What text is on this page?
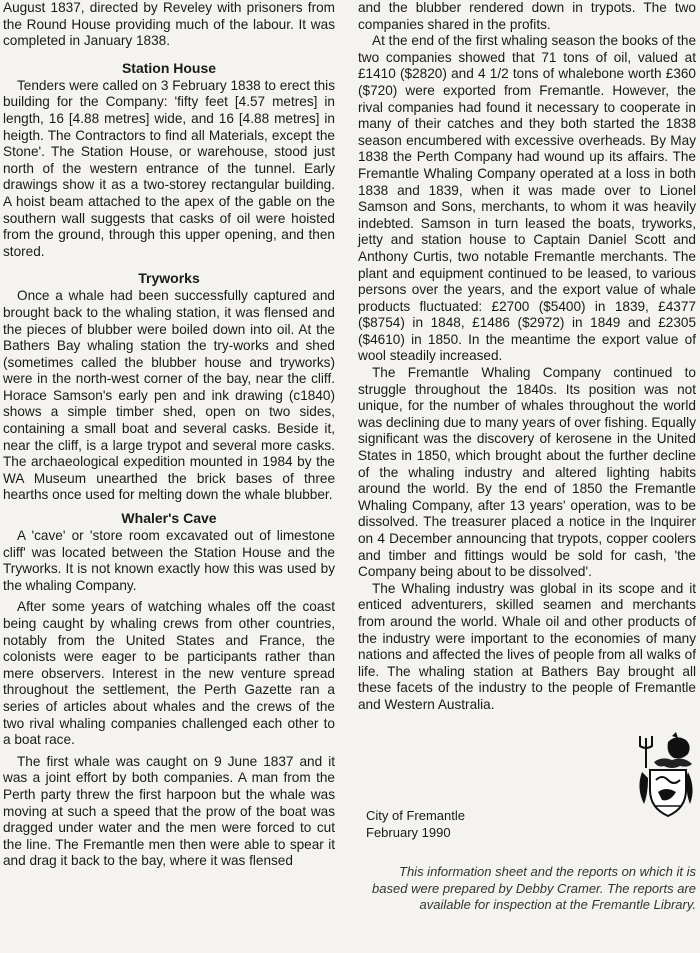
August 1837, directed by Reveley with prisoners from the Round House providing much of the labour. It was completed in January 1838.

Station House

Tenders were called on 3 February 1838 to erect this building for the Company: 'fifty feet [4.57 metres] in length, 16 [4.88 metres] wide, and 16 [4.88 metres] in heigth. The Contractors to find all Materials, except the Stone'. The Station House, or warehouse, stood just north of the western entrance of the tunnel. Early drawings show it as a two-storey rectangular building. A hoist beam attached to the apex of the gable on the southern wall suggests that casks of oil were hoisted from the ground, through this upper opening, and then stored.

Tryworks

Once a whale had been successfully captured and brought back to the whaling station, it was flensed and the pieces of blubber were boiled down into oil. At the Bathers Bay whaling station the try-works and shed (sometimes called the blubber house and tryworks) were in the north-west corner of the bay, near the cliff. Horace Samson's early pen and ink drawing (c1840) shows a simple timber shed, open on two sides, containing a small boat and several casks. Beside it, near the cliff, is a large trypot and several more casks. The archaeological expedition mounted in 1984 by the WA Museum unearthed the brick bases of three hearths once used for melting down the whale blubber.

Whaler's Cave

A 'cave' or 'store room excavated out of limestone cliff' was located between the Station House and the Tryworks. It is not known exactly how this was used by the whaling Company.

After some years of watching whales off the coast being caught by whaling crews from other countries, notably from the United States and France, the colonists were eager to be participants rather than mere observers. Interest in the new venture spread throughout the settlement, the Perth Gazette ran a series of articles about whales and the crews of the two rival whaling companies challenged each other to a boat race.

The first whale was caught on 9 June 1837 and it was a joint effort by both companies. A man from the Perth party threw the first harpoon but the whale was moving at such a speed that the prow of the boat was dragged under water and the men were forced to cut the line. The Fremantle men then were able to spear it and drag it back to the bay, where it was flensed

and the blubber rendered down in trypots. The two companies shared in the profits.

At the end of the first whaling season the books of the two companies showed that 71 tons of oil, valued at £1410 ($2820) and 4 1/2 tons of whalebone worth £360 ($720) were exported from Fremantle. However, the rival companies had found it necessary to cooperate in many of their catches and they both started the 1838 season encumbered with excessive overheads. By May 1838 the Perth Company had wound up its affairs. The Fremantle Whaling Company operated at a loss in both 1838 and 1839, when it was made over to Lionel Samson and Sons, merchants, to whom it was heavily indebted. Samson in turn leased the boats, tryworks, jetty and station house to Captain Daniel Scott and Anthony Curtis, two notable Fremantle merchants. The plant and equipment continued to be leased, to various persons over the years, and the export value of whale products fluctuated: £2700 ($5400) in 1839, £4377 ($8754) in 1848, £1486 ($2972) in 1849 and £2305 ($4610) in 1850. In the meantime the export value of wool steadily increased.

The Fremantle Whaling Company continued to struggle throughout the 1840s. Its position was not unique, for the number of whales throughout the world was declining due to many years of over fishing. Equally significant was the discovery of kerosene in the United States in 1850, which brought about the further decline of the whaling industry and altered lighting habits around the world. By the end of 1850 the Fremantle Whaling Company, after 13 years' operation, was to be dissolved. The treasurer placed a notice in the Inquirer on 4 December announcing that trypots, copper coolers and timber and fittings would be sold for cash, 'the Company being about to be dissolved'.

The Whaling industry was global in its scope and it enticed adventurers, skilled seamen and merchants from around the world. Whale oil and other products of the industry were important to the economies of many nations and affected the lives of people from all walks of life. The whaling station at Bathers Bay brought all these facets of the industry to the people of Fremantle and Western Australia.

City of Fremantle
February 1990
This information sheet and the reports on which it is based were prepared by Debby Cramer. The reports are available for inspection at the Fremantle Library.
